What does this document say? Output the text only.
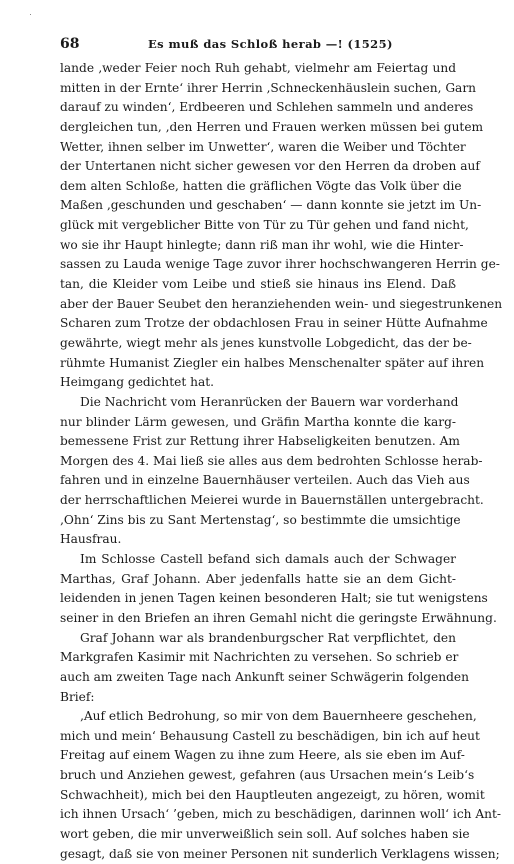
68	Es muß das Schloß herab —! (1525)
lande ‚weder Feier noch Ruh gehabt, vielmehr am Feiertag und
mitten in der Ernte‘ ihrer Herrin ‚Schneckenhäuslein suchen, Garn
darauf zu winden‘, Erdbeeren und Schlehen sammeln und anderes
dergleichen tun, ‚den Herren und Frauen werken müssen bei gutem
Wetter, ihnen selber im Unwetter‘, waren die Weiber und Töchter
der Untertanen nicht sicher gewesen vor den Herren da droben auf
dem alten Schloße, hatten die gräflichen Vögte das Volk über die
Maßen ‚geschunden und geschaben‘ — dann konnte sie jetzt im Un-
glück mit vergeblicher Bitte von Tür zu Tür gehen und fand nicht,
wo sie ihr Haupt hinlegte; dann riß man ihr wohl, wie die Hinter-
sassen zu Lauda wenige Tage zuvor ihrer hochschwangeren Herrin ge-
tan, die Kleider vom Leibe und stieß sie hinaus ins Elend. Daß
aber der Bauer Seubet den heranziehenden wein- und siegestrunkenen
Scharen zum Trotze der obdachlosen Frau in seiner Hütte Aufnahme
gewährte, wiegt mehr als jenes kunstvolle Lobgedicht, das der be-
rühmte Humanist Ziegler ein halbes Menschenalter später auf ihren
Heimgang gedichtet hat.
Die Nachricht vom Heranrücken der Bauern war vorderhand
nur blinder Lärm gewesen, und Gräfin Martha konnte die karg-
bemessene Frist zur Rettung ihrer Habseligkeiten benutzen. Am
Morgen des 4. Mai ließ sie alles aus dem bedrohten Schlosse herab-
fahren und in einzelne Bauernhäuser verteilen. Auch das Vieh aus
der herrschaftlichen Meierei wurde in Bauernställen untergebracht.
‚Ohn‘ Zins bis zu Sant Mertenstag‘, so bestimmte die umsichtige
Hausfrau.
Im Schlosse Castell befand sich damals auch der Schwager
Marthas, Graf Johann. Aber jedenfalls hatte sie an dem Gicht-
leidenden in jenen Tagen keinen besonderen Halt; sie tut wenigstens
seiner in den Briefen an ihren Gemahl nicht die geringste Erwähnung.
Graf Johann war als brandenburgscher Rat verpflichtet, den
Markgrafen Kasimir mit Nachrichten zu versehen. So schrieb er
auch am zweiten Tage nach Ankunft seiner Schwägerin folgenden
Brief:
‚Auf etlich Bedrohung, so mir von dem Bauernheere geschehen,
mich und mein‘ Behausung Castell zu beschädigen, bin ich auf heut
Freitag auf einem Wagen zu ihne zum Heere, als sie eben im Auf-
bruch und Anziehen gewest, gefahren (aus Ursachen mein‘s Leib‘s
Schwachheit), mich bei den Hauptleuten angezeigt, zu hören, womit
ich ihnen Ursach‘ ’geben, mich zu beschädigen, darinnen woll‘ ich Ant-
wort geben, die mir unverweißlich sein soll. Auf solches haben sie
gesagt, daß sie von meiner Personen nit sunderlich Verklagens wissen;
